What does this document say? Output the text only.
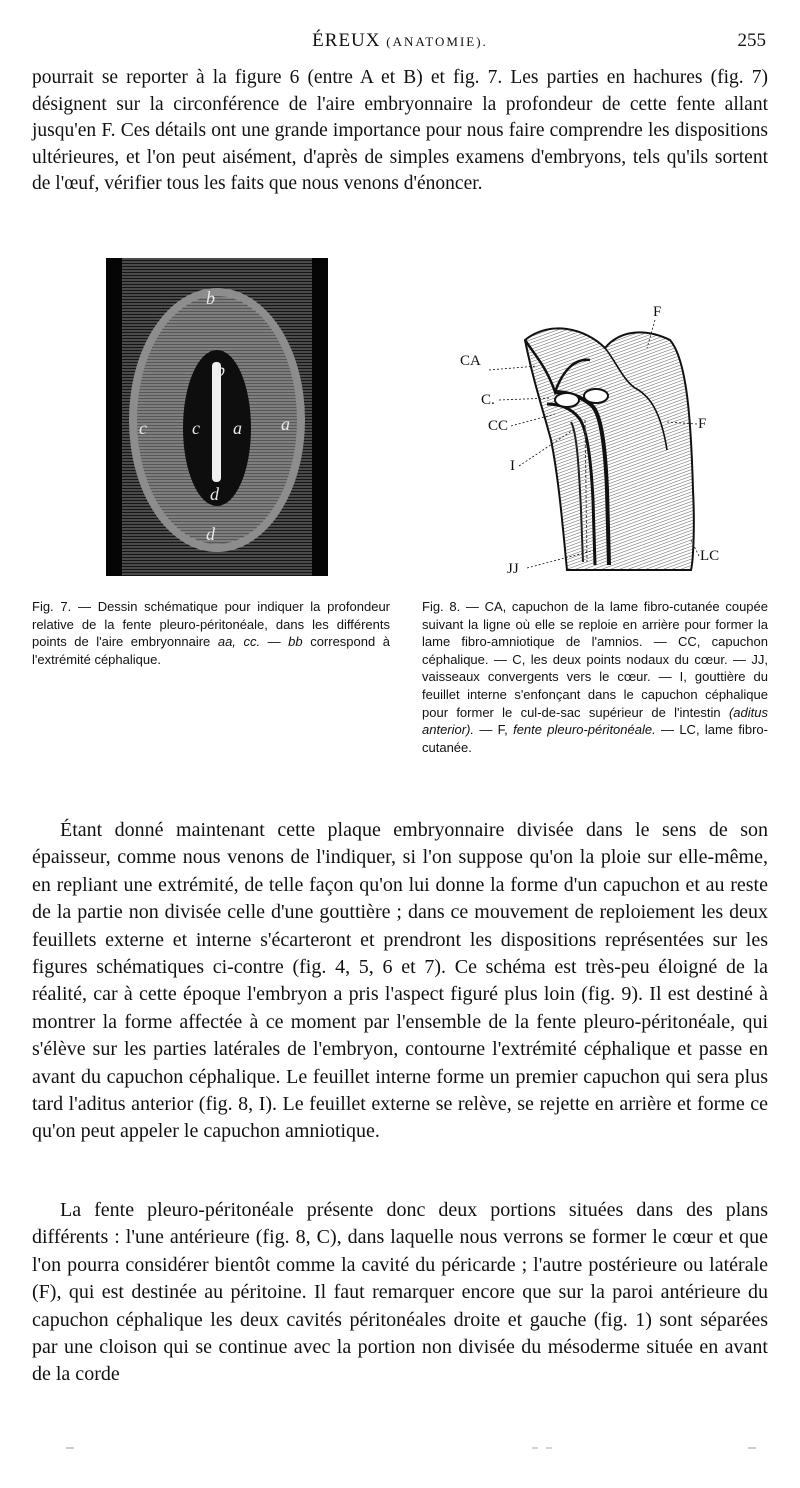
ÉREUX (ANATOMIE).	255
pourrait se reporter à la figure 6 (entre A et B) et fig. 7. Les parties en hachures (fig. 7) désignent sur la circonférence de l'aire embryonnaire la profondeur de cette fente allant jusqu'en F. Ces détails ont une grande importance pour nous faire comprendre les dispositions ultérieures, et l'on peut aisément, d'après de simples examens d'embryons, tels qu'ils sortent de l'œuf, vérifier tous les faits que nous venons d'énoncer.
b
c	c a a
b
d
d
F
CA
C.
CC	F
I
JJ
LC
Fig. 7. — Dessin schématique pour indiquer la profondeur relative de la fente pleuro-péritonéale, dans les différents points de l'aire embryonnaire aa, cc. — bb correspond à l'extrémité céphalique.
Fig. 8. — CA, capuchon de la lame fibro-cutanée coupée suivant la ligne où elle se reploie en arrière pour former la lame fibro-amniotique de l'amnios. — CC, capuchon céphalique. — C, les deux points nodaux du cœur. — JJ, vaisseaux convergents vers le cœur. — I, gouttière du feuillet interne s'enfonçant dans le capuchon céphalique pour former le cul-de-sac supérieur de l'intestin (aditus anterior). — F, fente pleuro-péritonéale. — LC, lame fibro-cutanée.
Étant donné maintenant cette plaque embryonnaire divisée dans le sens de son épaisseur, comme nous venons de l'indiquer, si l'on suppose qu'on la ploie sur elle-même, en repliant une extrémité, de telle façon qu'on lui donne la forme d'un capuchon et au reste de la partie non divisée celle d'une gouttière ; dans ce mouvement de reploiement les deux feuillets externe et interne s'écarteront et prendront les dispositions représentées sur les figures schématiques ci-contre (fig. 4, 5, 6 et 7). Ce schéma est très-peu éloigné de la réalité, car à cette époque l'embryon a pris l'aspect figuré plus loin (fig. 9). Il est destiné à montrer la forme affectée à ce moment par l'ensemble de la fente pleuro-péritonéale, qui s'élève sur les parties latérales de l'embryon, contourne l'extrémité céphalique et passe en avant du capuchon céphalique. Le feuillet interne forme un premier capuchon qui sera plus tard l'aditus anterior (fig. 8, I). Le feuillet externe se relève, se rejette en arrière et forme ce qu'on peut appeler le capuchon amniotique.
La fente pleuro-péritonéale présente donc deux portions situées dans des plans différents : l'une antérieure (fig. 8, C), dans laquelle nous verrons se former le cœur et que l'on pourra considérer bientôt comme la cavité du péricarde ; l'autre postérieure ou latérale (F), qui est destinée au péritoine. Il faut remarquer encore que sur la paroi antérieure du capuchon céphalique les deux cavités péritonéales droite et gauche (fig. 1) sont séparées par une cloison qui se continue avec la portion non divisée du mésoderme située en avant de la corde
